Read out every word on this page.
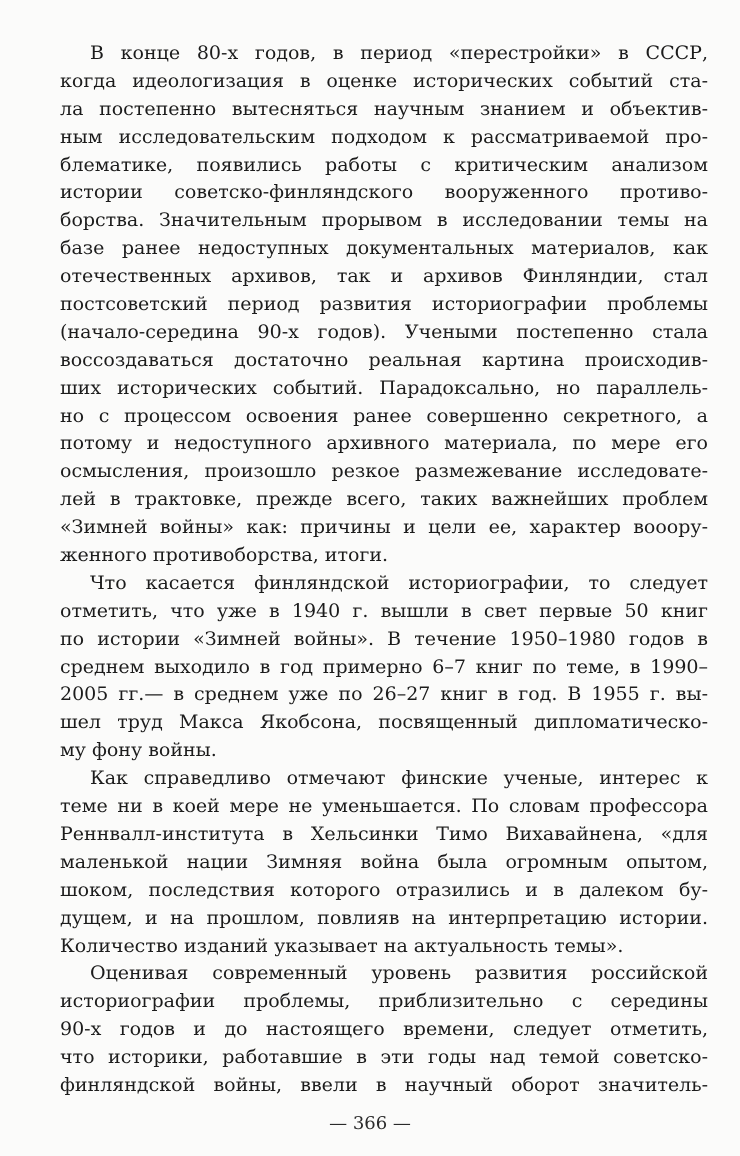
В конце 80-х годов, в период «перестройки» в СССР,
когда идеологизация в оценке исторических событий ста-
ла постепенно вытесняться научным знанием и объектив-
ным исследовательским подходом к рассматриваемой про-
блематике, появились работы с критическим анализом
истории советско-финляндского вооруженного противо-
борства. Значительным прорывом в исследовании темы на
базе ранее недоступных документальных материалов, как
отечественных архивов, так и архивов Финляндии, стал
постсоветский период развития историографии проблемы
(начало-середина 90-х годов). Учеными постепенно стала
воссоздаваться достаточно реальная картина происходив-
ших исторических событий. Парадоксально, но параллель-
но с процессом освоения ранее совершенно секретного, а
потому и недоступного архивного материала, по мере его
осмысления, произошло резкое размежевание исследовате-
лей в трактовке, прежде всего, таких важнейших проблем
«Зимней войны» как: причины и цели ее, характер вооору-
женного противоборства, итоги.
Что касается финляндской историографии, то следует
отметить, что уже в 1940 г. вышли в свет первые 50 книг
по истории «Зимней войны». В течение 1950–1980 годов в
среднем выходило в год примерно 6–7 книг по теме, в 1990–
2005 гг.— в среднем уже по 26–27 книг в год. В 1955 г. вы-
шел труд Макса Якобсона, посвященный дипломатическо-
му фону войны.
Как справедливо отмечают финские ученые, интерес к
теме ни в коей мере не уменьшается. По словам профессора
Реннвалл-института в Хельсинки Тимо Вихавайнена, «для
маленькой нации Зимняя война была огромным опытом,
шоком, последствия которого отразились и в далеком бу-
дущем, и на прошлом, повлияв на интерпретацию истории.
Количество изданий указывает на актуальность темы».
Оценивая современный уровень развития российской
историографии проблемы, приблизительно с середины
90-х годов и до настоящего времени, следует отметить,
что историки, работавшие в эти годы над темой советско-
финляндской войны, ввели в научный оборот значитель-
— 366 —
